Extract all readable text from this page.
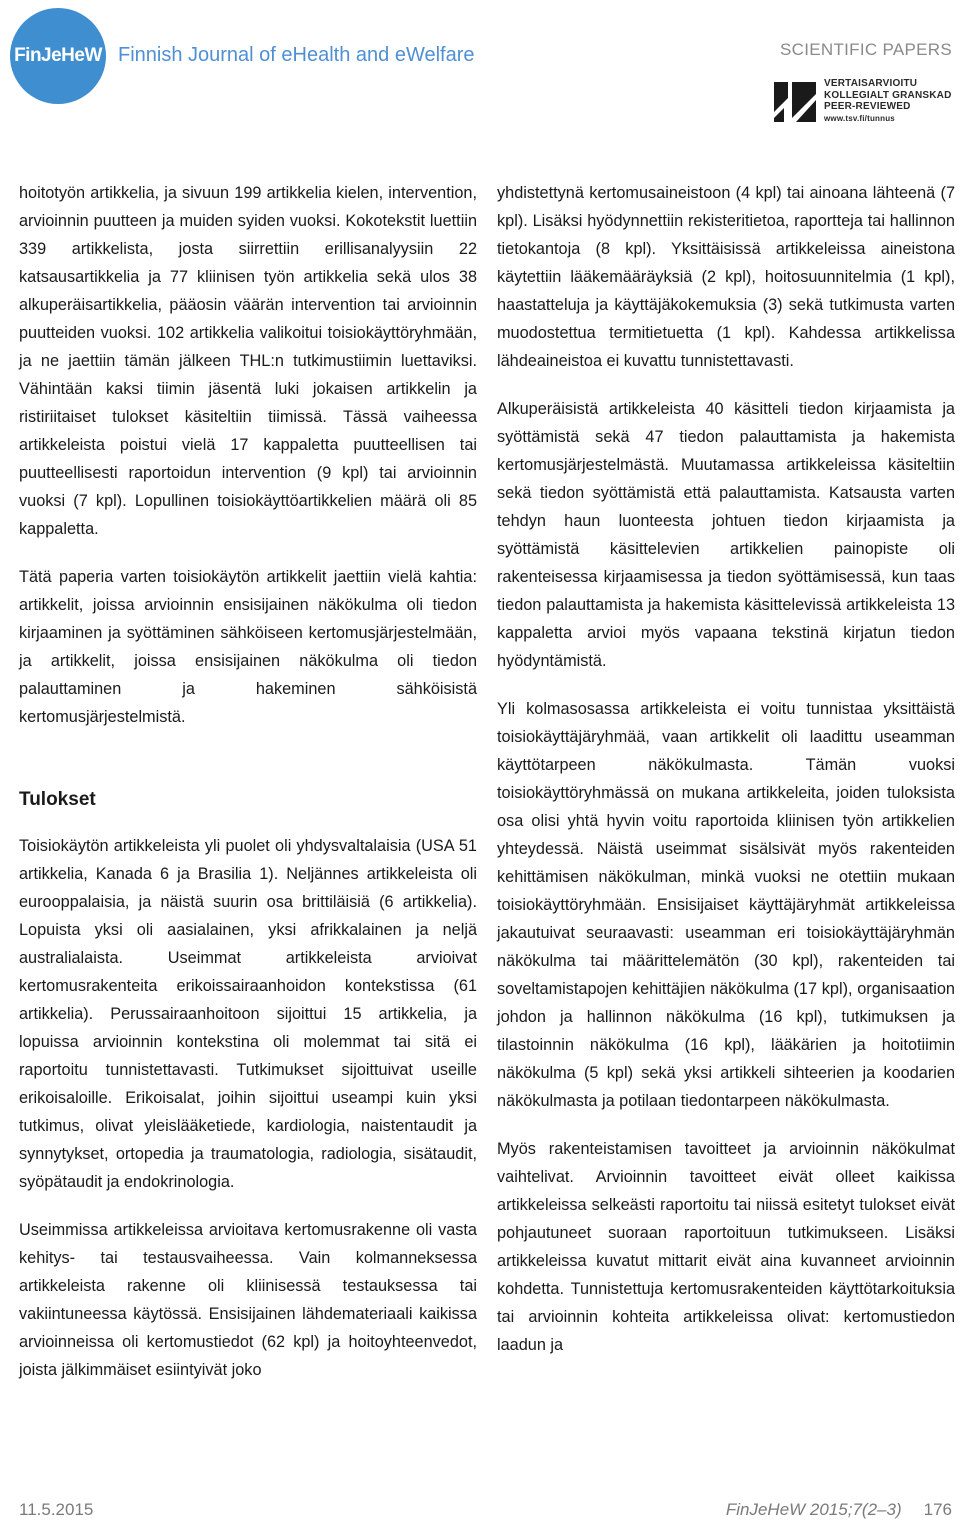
FinJeHeW Finnish Journal of eHealth and eWelfare	SCIENTIFIC PAPERS
VERTAISARVIOITU
KOLLEGIALT GRANSKAD
PEER-REVIEWED
www.tsv.fi/tunnus

hoitotyön artikkelia, ja sivuun 199 artikkelia kielen, intervention, arvioinnin puutteen ja muiden syiden vuoksi. Kokotekstit luettiin 339 artikkelista, josta siirrettiin erillisanalyysiin 22 katsausartikkelia ja 77 kliinisen työn artikkelia sekä ulos 38 alkuperäisartikkelia, pääosin väärän intervention tai arvioinnin puutteiden vuoksi. 102 artikkelia valikoitui toisiokäyttöryhmään, ja ne jaettiin tämän jälkeen THL:n tutkimustiimin luettaviksi. Vähintään kaksi tiimin jäsentä luki jokaisen artikkelin ja ristiriitaiset tulokset käsiteltiin tiimissä. Tässä vaiheessa artikkeleista poistui vielä 17 kappaletta puutteellisen tai puutteellisesti raportoidun intervention (9 kpl) tai arvioinnin vuoksi (7 kpl). Lopullinen toisiokäyttöartikkelien määrä oli 85 kappaletta.

Tätä paperia varten toisiokäytön artikkelit jaettiin vielä kahtia: artikkelit, joissa arvioinnin ensisijainen näkökulma oli tiedon kirjaaminen ja syöttäminen sähköiseen kertomusjärjestelmään, ja artikkelit, joissa ensisijainen näkökulma oli tiedon palauttaminen ja hakeminen sähköisistä kertomusjärjestelmistä.

Tulokset

Toisiokäytön artikkeleista yli puolet oli yhdysvaltalaisia (USA 51 artikkelia, Kanada 6 ja Brasilia 1). Neljännes artikkeleista oli eurooppalaisia, ja näistä suurin osa brittiläisiä (6 artikkelia). Lopuista yksi oli aasialainen, yksi afrikkalainen ja neljä australialaista. Useimmat artikkeleista arvioivat kertomusrakenteita erikoissairaanhoidon kontekstissa (61 artikkelia). Perussairaanhoitoon sijoittui 15 artikkelia, ja lopuissa arvioinnin kontekstina oli molemmat tai sitä ei raportoitu tunnistettavasti. Tutkimukset sijoittuivat useille erikoisaloille. Erikoisalat, joihin sijoittui useampi kuin yksi tutkimus, olivat yleislääketiede, kardiologia, naistentaudit ja synnytykset, ortopedia ja traumatologia, radiologia, sisätaudit, syöpätaudit ja endokrinologia.

Useimmissa artikkeleissa arvioitava kertomusrakenne oli vasta kehitys- tai testausvaiheessa. Vain kolmanneksessa artikkeleista rakenne oli kliinisessä testauksessa tai vakiintuneessa käytössä. Ensisijainen lähdemateriaali kaikissa arvioinneissa oli kertomustiedot (62 kpl) ja hoitoyhteenvedot, joista jälkimmäiset esiintyivät joko

yhdistettynä kertomusaineistoon (4 kpl) tai ainoana lähteenä (7 kpl). Lisäksi hyödynnettiin rekisteritietoa, raportteja tai hallinnon tietokantoja (8 kpl). Yksittäisissä artikkeleissa aineistona käytettiin lääkemääräyksiä (2 kpl), hoitosuunnitelmia (1 kpl), haastatteluja ja käyttäjäkokemuksia (3) sekä tutkimusta varten muodostettua termitietuetta (1 kpl). Kahdessa artikkelissa lähdeaineistoa ei kuvattu tunnistettavasti.

Alkuperäisistä artikkeleista 40 käsitteli tiedon kirjaamista ja syöttämistä sekä 47 tiedon palauttamista ja hakemista kertomusjärjestelmästä. Muutamassa artikkeleissa käsiteltiin sekä tiedon syöttämistä että palauttamista. Katsausta varten tehdyn haun luonteesta johtuen tiedon kirjaamista ja syöttämistä käsittelevien artikkelien painopiste oli rakenteisessa kirjaamisessa ja tiedon syöttämisessä, kun taas tiedon palauttamista ja hakemista käsittelevissä artikkeleista 13 kappaletta arvioi myös vapaana tekstinä kirjatun tiedon hyödyntämistä.

Yli kolmasosassa artikkeleista ei voitu tunnistaa yksittäistä toisiokäyttäjäryhmää, vaan artikkelit oli laadittu useamman käyttötarpeen näkökulmasta. Tämän vuoksi toisiokäyttöryhmässä on mukana artikkeleita, joiden tuloksista osa olisi yhtä hyvin voitu raportoida kliinisen työn artikkelien yhteydessä. Näistä useimmat sisälsivät myös rakenteiden kehittämisen näkökulman, minkä vuoksi ne otettiin mukaan toisiokäyttöryhmään. Ensisijaiset käyttäjäryhmät artikkeleissa jakautuivat seuraavasti: useamman eri toisiokäyttäjäryhmän näkökulma tai määrittelemätön (30 kpl), rakenteiden tai soveltamistapojen kehittäjien näkökulma (17 kpl), organisaation johdon ja hallinnon näkökulma (16 kpl), tutkimuksen ja tilastoinnin näkökulma (16 kpl), lääkärien ja hoitotiimin näkökulma (5 kpl) sekä yksi artikkeli sihteerien ja koodarien näkökulmasta ja potilaan tiedontarpeen näkökulmasta.

Myös rakenteistamisen tavoitteet ja arvioinnin näkökulmat vaihtelivat. Arvioinnin tavoitteet eivät olleet kaikissa artikkeleissa selkeästi raportoitu tai niissä esitetyt tulokset eivät pohjautuneet suoraan raportoituun tutkimukseen. Lisäksi artikkeleissa kuvatut mittarit eivät aina kuvanneet arvioinnin kohdetta. Tunnistettuja kertomusrakenteiden käyttötarkoituksia tai arvioinnin kohteita artikkeleissa olivat: kertomustiedon laadun ja

11.5.2015	FinJeHeW 2015;7(2–3) 176
